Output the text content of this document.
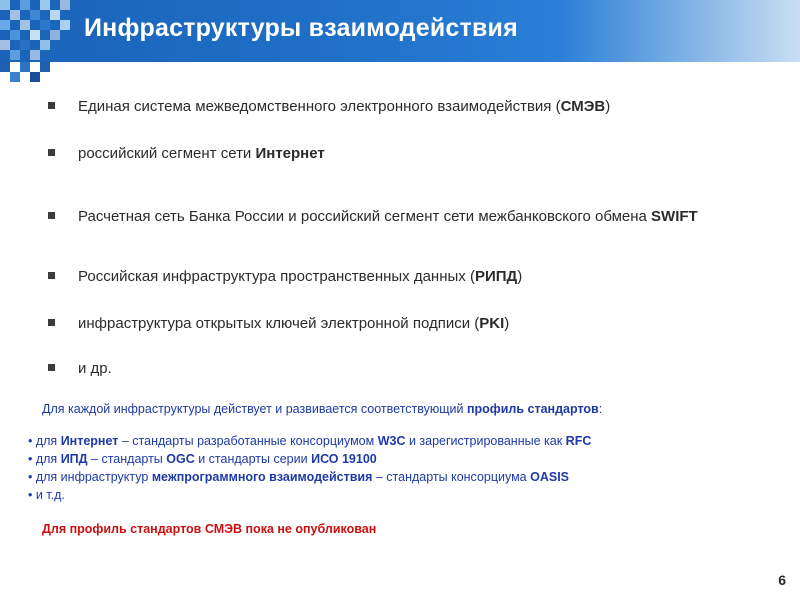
Инфраструктуры взаимодействия
Единая система межведомственного электронного взаимодействия (СМЭВ)
российский сегмент сети Интернет
Расчетная сеть Банка России и российский сегмент сети межбанковского обмена SWIFT
Российская инфраструктура пространственных данных (РИПД)
инфраструктура открытых ключей электронной подписи (PKI)
и др.
Для каждой инфраструктуры действует и развивается соответствующий профиль стандартов:
• для Интернет – стандарты разработанные консорциумом W3C и зарегистрированные как RFC
• для ИПД – стандарты OGC и стандарты серии ИСО 19100
• для инфраструктур межпрограммного взаимодействия – стандарты консорциума OASIS
• и т.д.
Для профиль стандартов СМЭВ пока не опубликован
6
